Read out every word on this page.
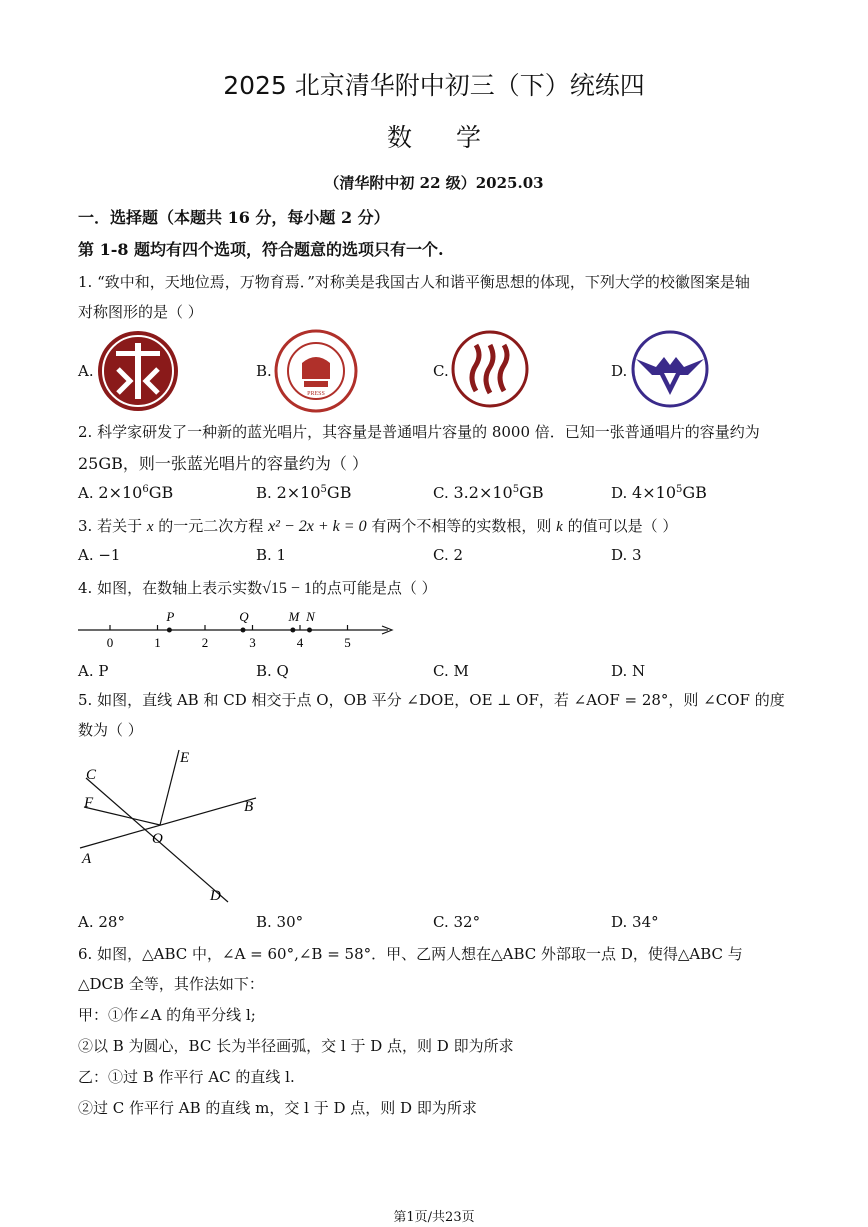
2025 北京清华附中初三（下）统练四
数学
（清华附中初 22 级）2025.03
一．选择题（本题共 16 分，每小题 2 分）
第 1-8 题均有四个选项，符合题意的选项只有一个.
1. “致中和，天地位焉，万物育焉．”对称美是我国古人和谐平衡思想的体现，下列大学的校徽图案是轴
对称图形的是（ ）
A.	B.
PRESS
C.	D.
2. 科学家研发了一种新的蓝光唱片，其容量是普通唱片容量的 8000 倍．已知一张普通唱片的容量约为
25GB，则一张蓝光唱片的容量约为（ ）
A. $2\times 10^6GB$	B. $2\times 10^5GB$	C. $3.2\times 10^5GB$	D. $4\times 10^5GB$
3. 若关于 x 的一元二次方程 x² − 2x + k = 0 有两个不相等的实数根，则 k 的值可以是（ ）
A. −1	B. 1	C. 2	D. 3
4. 如图，在数轴上表示实数√15 − 1的点可能是点（ ）
0	1	2	3	4	5
P	Q	M N
A. P	B. Q	C. M	D. N
5. 如图，直线 AB 和 CD 相交于点 O，OB 平分 ∠DOE，OE ⊥ OF，若 ∠AOF = 28°，则 ∠COF 的度
数为（ ）
C
E
F	B
O
A
D
A. 28°	B. 30°	C. 32°	D. 34°
6. 如图，△ABC 中，∠A = 60°,∠B = 58°．甲、乙两人想在△ABC 外部取一点 D，使得△ABC 与
△DCB 全等，其作法如下：
甲：①作∠A 的角平分线 l;
②以 B 为圆心，BC 长为半径画弧，交 l 于 D 点，则 D 即为所求
乙：①过 B 作平行 AC 的直线 l.
②过 C 作平行 AB 的直线 m，交 l 于 D 点，则 D 即为所求
第1页/共23页
